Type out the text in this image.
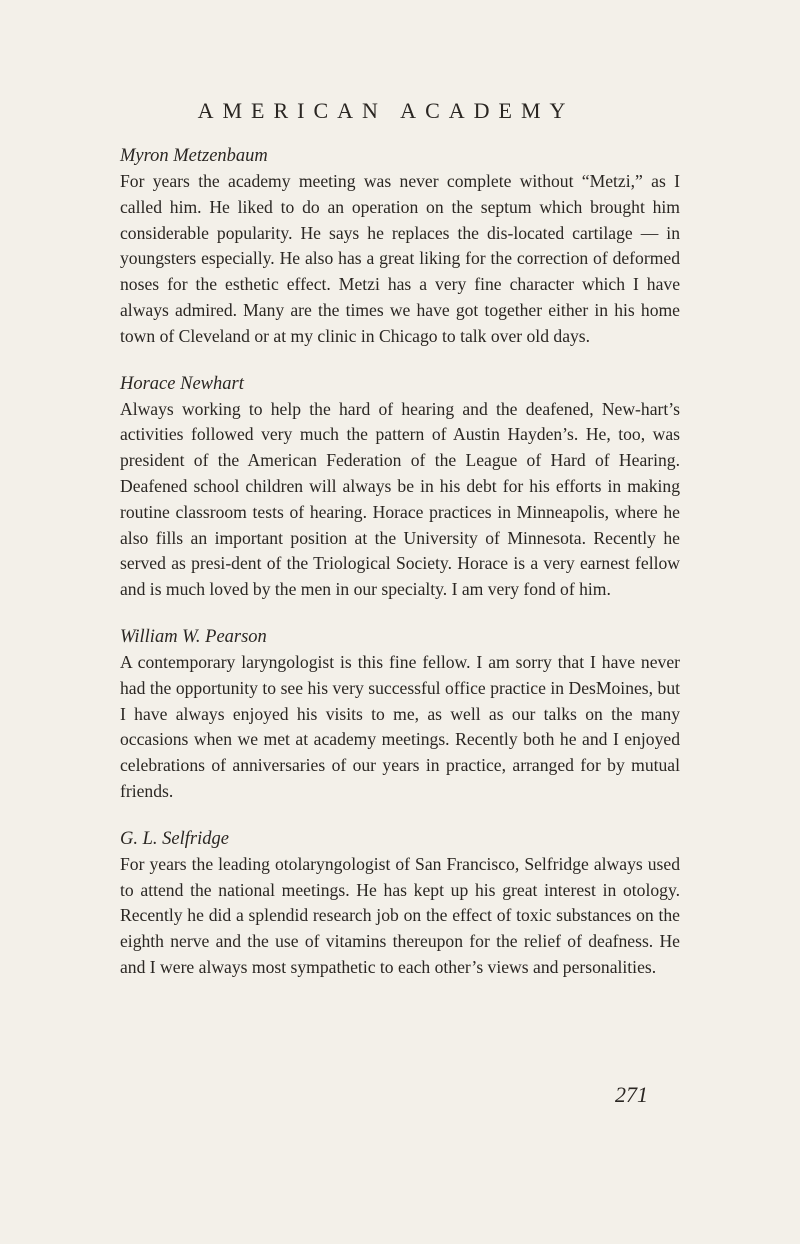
AMERICAN ACADEMY

Myron Metzenbaum

For years the academy meeting was never complete without “Metzi,” as I called him. He liked to do an operation on the septum which brought him considerable popularity. He says he replaces the dis-located cartilage — in youngsters especially. He also has a great liking for the correction of deformed noses for the esthetic effect. Metzi has a very fine character which I have always admired. Many are the times we have got together either in his home town of Cleveland or at my clinic in Chicago to talk over old days.

Horace Newhart

Always working to help the hard of hearing and the deafened, New-hart’s activities followed very much the pattern of Austin Hayden’s. He, too, was president of the American Federation of the League of Hard of Hearing. Deafened school children will always be in his debt for his efforts in making routine classroom tests of hearing. Horace practices in Minneapolis, where he also fills an important position at the University of Minnesota. Recently he served as presi-dent of the Triological Society. Horace is a very earnest fellow and is much loved by the men in our specialty. I am very fond of him.

William W. Pearson

A contemporary laryngologist is this fine fellow. I am sorry that I have never had the opportunity to see his very successful office practice in DesMoines, but I have always enjoyed his visits to me, as well as our talks on the many occasions when we met at academy meetings. Recently both he and I enjoyed celebrations of anniversaries of our years in practice, arranged for by mutual friends.

G. L. Selfridge

For years the leading otolaryngologist of San Francisco, Selfridge always used to attend the national meetings. He has kept up his great interest in otology. Recently he did a splendid research job on the effect of toxic substances on the eighth nerve and the use of vitamins thereupon for the relief of deafness. He and I were always most sympathetic to each other’s views and personalities.

271
